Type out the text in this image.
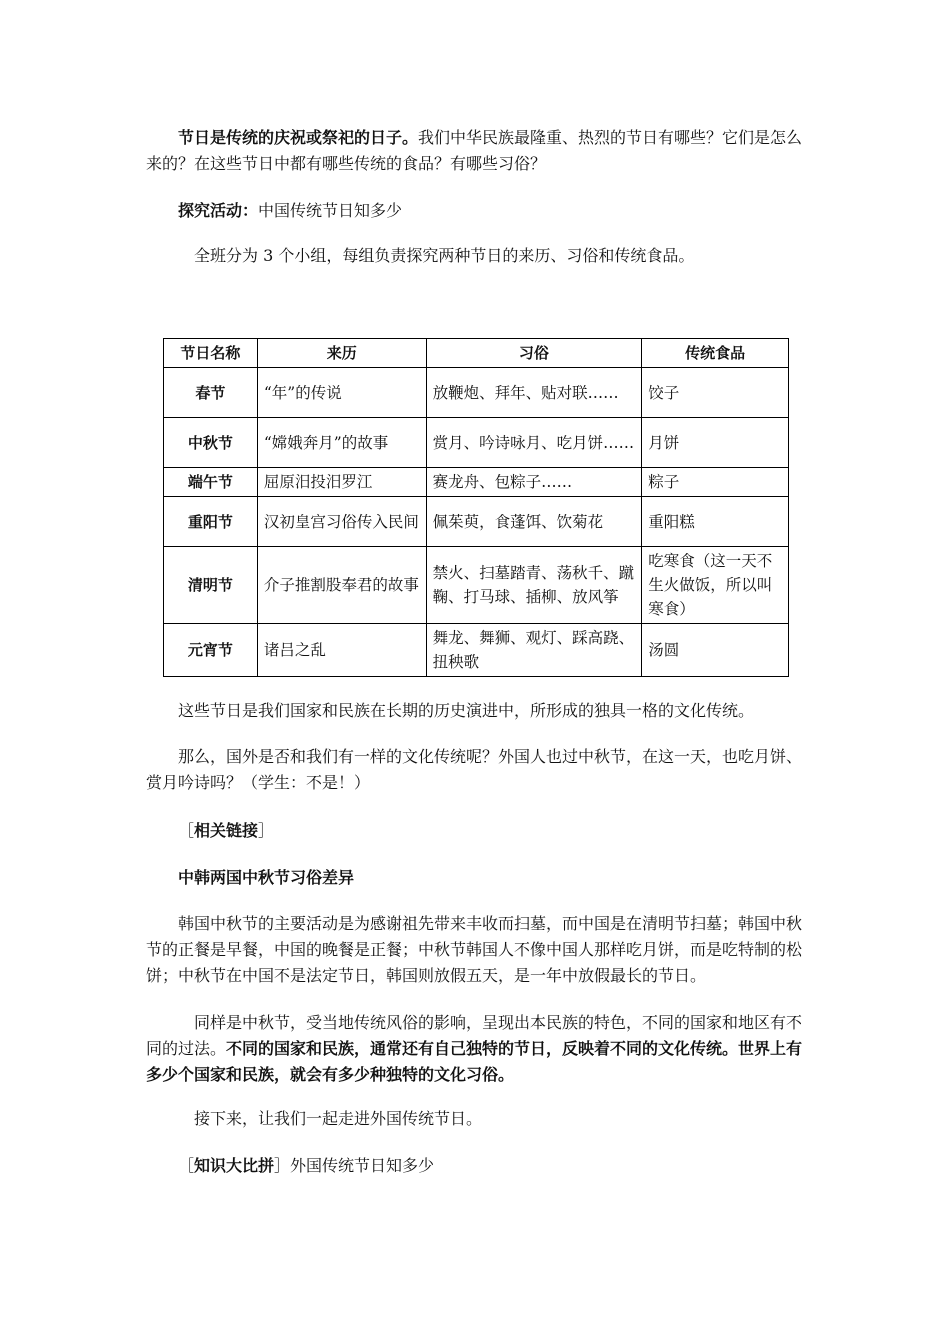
节日是传统的庆祝或祭祀的日子。我们中华民族最隆重、热烈的节日有哪些？它们是怎么来的？在这些节日中都有哪些传统的食品？有哪些习俗？

探究活动：中国传统节日知多少

全班分为 3 个小组，每组负责探究两种节日的来历、习俗和传统食品。

节日名称	来历	习俗	传统食品
春节	“年”的传说	放鞭炮、拜年、贴对联……	饺子
中秋节	“嫦娥奔月”的故事	赏月、吟诗咏月、吃月饼……	月饼
端午节	屈原汨投汨罗江	赛龙舟、包粽子……	粽子
重阳节	汉初皇宫习俗传入民间	佩茱萸，食蓬饵、饮菊花	重阳糕
清明节	介子推割股奉君的故事	禁火、扫墓踏青、荡秋千、蹴鞠、打马球、插柳、放风筝	吃寒食（这一天不生火做饭，所以叫寒食）
元宵节	诸吕之乱	舞龙、舞狮、观灯、踩高跷、扭秧歌	汤圆

这些节日是我们国家和民族在长期的历史演进中，所形成的独具一格的文化传统。

那么，国外是否和我们有一样的文化传统呢？外国人也过中秋节，在这一天，也吃月饼、赏月吟诗吗？（学生：不是！）

［相关链接］

中韩两国中秋节习俗差异

韩国中秋节的主要活动是为感谢祖先带来丰收而扫墓，而中国是在清明节扫墓；韩国中秋节的正餐是早餐，中国的晚餐是正餐；中秋节韩国人不像中国人那样吃月饼，而是吃特制的松饼；中秋节在中国不是法定节日，韩国则放假五天，是一年中放假最长的节日。

同样是中秋节，受当地传统风俗的影响，呈现出本民族的特色，不同的国家和地区有不同的过法。不同的国家和民族，通常还有自己独特的节日，反映着不同的文化传统。世界上有多少个国家和民族，就会有多少种独特的文化习俗。

接下来，让我们一起走进外国传统节日。

［知识大比拼］外国传统节日知多少
